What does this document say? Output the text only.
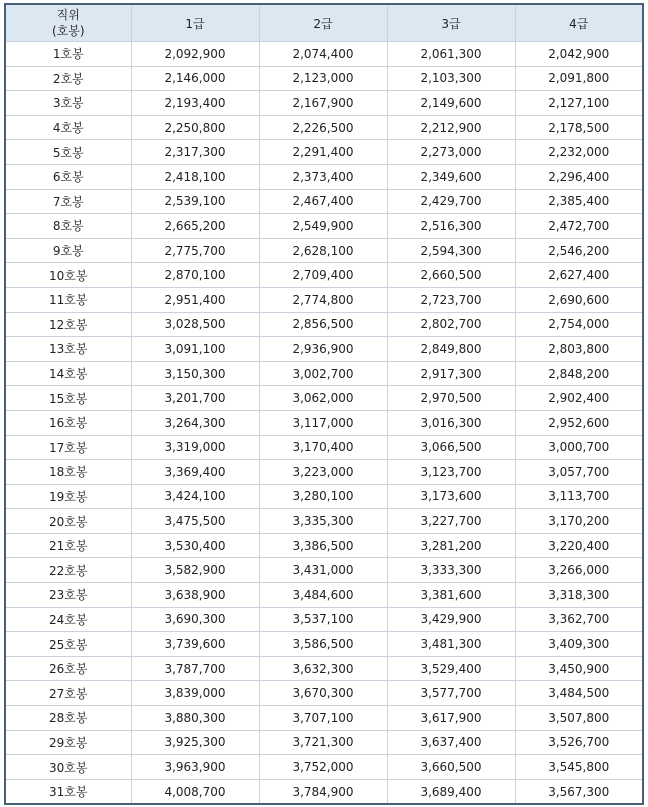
직위
(호봉)	1급	2급	3급	4급
1호봉	2,092,900	2,074,400	2,061,300	2,042,900
2호봉	2,146,000	2,123,000	2,103,300	2,091,800
3호봉	2,193,400	2,167,900	2,149,600	2,127,100
4호봉	2,250,800	2,226,500	2,212,900	2,178,500
5호봉	2,317,300	2,291,400	2,273,000	2,232,000
6호봉	2,418,100	2,373,400	2,349,600	2,296,400
7호봉	2,539,100	2,467,400	2,429,700	2,385,400
8호봉	2,665,200	2,549,900	2,516,300	2,472,700
9호봉	2,775,700	2,628,100	2,594,300	2,546,200
10호봉	2,870,100	2,709,400	2,660,500	2,627,400
11호봉	2,951,400	2,774,800	2,723,700	2,690,600
12호봉	3,028,500	2,856,500	2,802,700	2,754,000
13호봉	3,091,100	2,936,900	2,849,800	2,803,800
14호봉	3,150,300	3,002,700	2,917,300	2,848,200
15호봉	3,201,700	3,062,000	2,970,500	2,902,400
16호봉	3,264,300	3,117,000	3,016,300	2,952,600
17호봉	3,319,000	3,170,400	3,066,500	3,000,700
18호봉	3,369,400	3,223,000	3,123,700	3,057,700
19호봉	3,424,100	3,280,100	3,173,600	3,113,700
20호봉	3,475,500	3,335,300	3,227,700	3,170,200
21호봉	3,530,400	3,386,500	3,281,200	3,220,400
22호봉	3,582,900	3,431,000	3,333,300	3,266,000
23호봉	3,638,900	3,484,600	3,381,600	3,318,300
24호봉	3,690,300	3,537,100	3,429,900	3,362,700
25호봉	3,739,600	3,586,500	3,481,300	3,409,300
26호봉	3,787,700	3,632,300	3,529,400	3,450,900
27호봉	3,839,000	3,670,300	3,577,700	3,484,500
28호봉	3,880,300	3,707,100	3,617,900	3,507,800
29호봉	3,925,300	3,721,300	3,637,400	3,526,700
30호봉	3,963,900	3,752,000	3,660,500	3,545,800
31호봉	4,008,700	3,784,900	3,689,400	3,567,300
